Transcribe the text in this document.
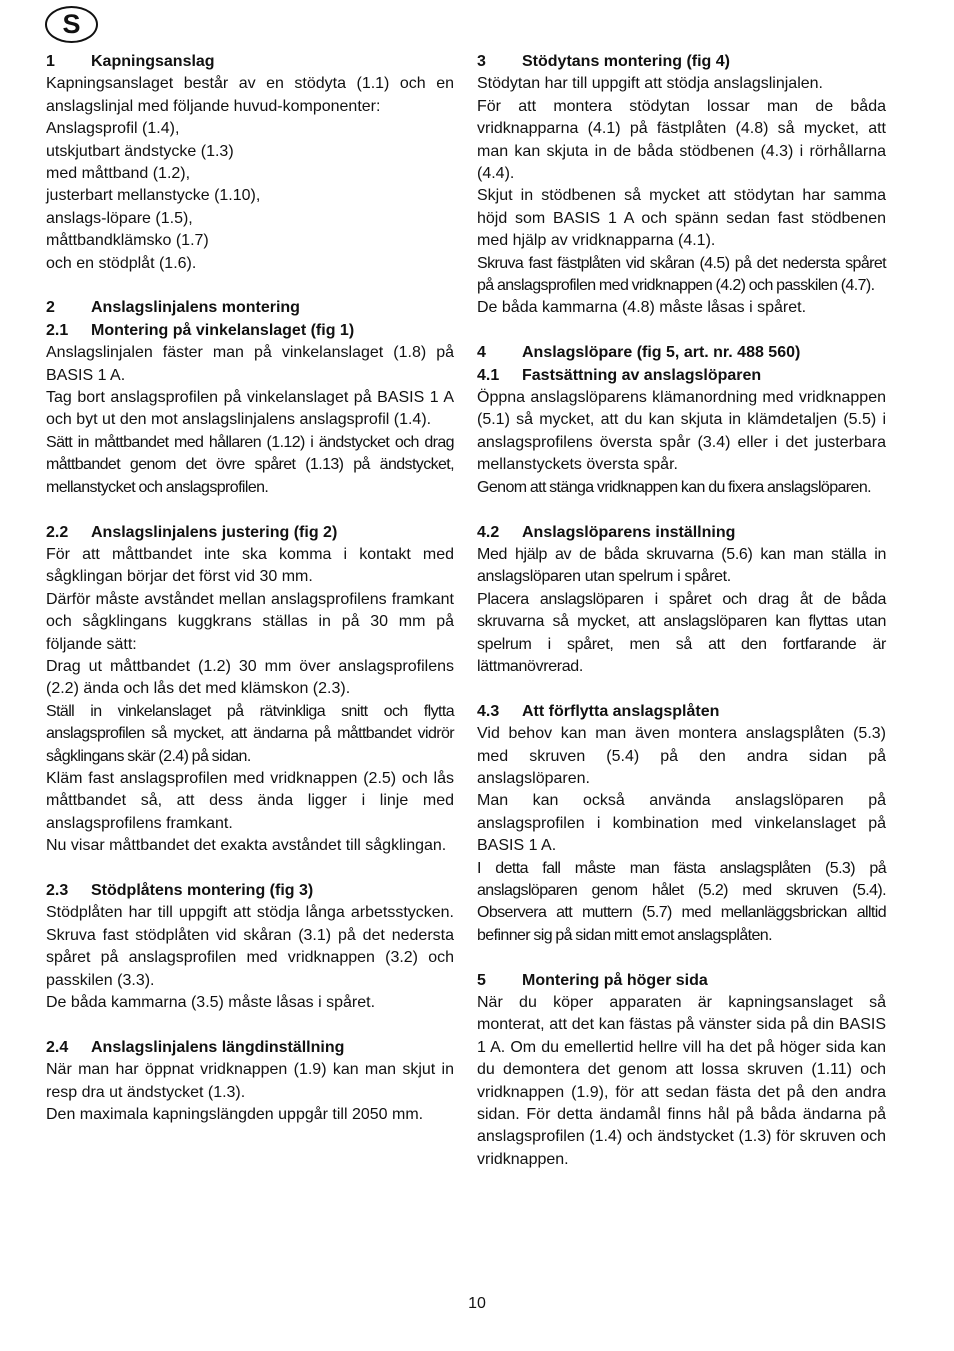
S
1	Kapningsanslag

Kapningsanslaget består av en stödyta (1.1) och en anslagslinjal med följande huvud-komponenter:

Anslagsprofil (1.4),

utskjutbart ändstycke (1.3)

med måttband (1.2),

justerbart mellanstycke (1.10),

anslags-löpare (1.5),

måttbandklämsko (1.7)

och en stödplåt (1.6).

2	Anslagslinjalens montering
2.1	Montering på vinkelanslaget (fig 1)

Anslagslinjalen fäster man på vinkelanslaget (1.8) på BASIS 1 A.

Tag bort anslagsprofilen på vinkelanslaget på BASIS 1 A och byt ut den mot anslagslinjalens anslagsprofil (1.4).

Sätt in måttbandet med hållaren (1.12) i ändstycket och drag måttbandet genom det övre spåret (1.13) på ändstycket, mellanstycket och anslagsprofilen.

2.2	Anslagslinjalens justering (fig 2)

För att måttbandet inte ska komma i kontakt med sågklingan börjar det först vid 30 mm.

Därför måste avståndet mellan anslagsprofilens framkant och sågklingans kuggkrans ställas in på 30 mm på följande sätt:

Drag ut måttbandet (1.2) 30 mm över anslagsprofilens (2.2) ända och lås det med klämskon (2.3).

Ställ in vinkelanslaget på rätvinkliga snitt och flytta anslagsprofilen så mycket, att ändarna på måttbandet vidrör sågklingans skär (2.4) på sidan.

Kläm fast anslagsprofilen med vridknappen (2.5) och lås måttbandet så, att dess ända ligger i linje med anslagsprofilens framkant.

Nu visar måttbandet det exakta avståndet till sågklingan.

2.3	Stödplåtens montering (fig 3)

Stödplåten har till uppgift att stödja långa arbetsstycken. Skruva fast stödplåten vid skåran (3.1) på det nedersta spåret på anslagsprofilen med vridknappen (3.2) och passkilen (3.3).

De båda kammarna (3.5) måste låsas i spåret.

2.4	Anslagslinjalens längdinställning

När man har öppnat vridknappen (1.9) kan man skjut in resp dra ut ändstycket (1.3).

Den maximala kapningslängden uppgår till 2050 mm.

3	Stödytans montering (fig 4)

Stödytan har till uppgift att stödja anslagslinjalen.

För att montera stödytan lossar man de båda vridknapparna (4.1) på fästplåten (4.8) så mycket, att man kan skjuta in de båda stödbenen (4.3) i rörhållarna (4.4).

Skjut in stödbenen så mycket att stödytan har samma höjd som BASIS 1 A och spänn sedan fast stödbenen med hjälp av vridknapparna (4.1).

Skruva fast fästplåten vid skåran (4.5) på det nedersta spåret på anslagsprofilen med vridknappen (4.2) och passkilen (4.7).

De båda kammarna (4.8) måste låsas i spåret.

4	Anslagslöpare (fig 5, art. nr. 488 560)
4.1	Fastsättning av anslagslöparen

Öppna anslagslöparens klämanordning med vridknappen (5.1) så mycket, att du kan skjuta in klämdetaljen (5.5) i anslagsprofilens översta spår (3.4) eller i det justerbara mellanstyckets översta spår.

Genom att stänga vridknappen kan du fixera anslagslöparen.

4.2	Anslagslöparens inställning

Med hjälp av de båda skruvarna (5.6) kan man ställa in anslagslöparen utan spelrum i spåret.

Placera anslagslöparen i spåret och drag åt de båda skruvarna så mycket, att anslagslöparen kan flyttas utan spelrum i spåret, men så att den fortfarande är lättmanövrerad.

4.3	Att förflytta anslagsplåten

Vid behov kan man även montera anslagsplåten (5.3) med skruven (5.4) på den andra sidan på anslagslöparen.

Man kan också använda anslagslöparen på anslagsprofilen i kombination med vinkelanslaget på BASIS 1 A.

I detta fall måste man fästa anslagsplåten (5.3) på anslagslöparen genom hålet (5.2) med skruven (5.4). Observera att muttern (5.7) med mellanläggsbrickan alltid befinner sig på sidan mitt emot anslagsplåten.

5	Montering på höger sida

När du köper apparaten är kapningsanslaget så monterat, att det kan fästas på vänster sida på din BASIS 1 A. Om du emellertid hellre vill ha det på höger sida kan du demontera det genom att lossa skruven (1.11) och vridknappen (1.9), för att sedan fästa det på den andra sidan. För detta ändamål finns hål på båda ändarna på anslagsprofilen (1.4) och ändstycket (1.3) för skruven och vridknappen.

10
